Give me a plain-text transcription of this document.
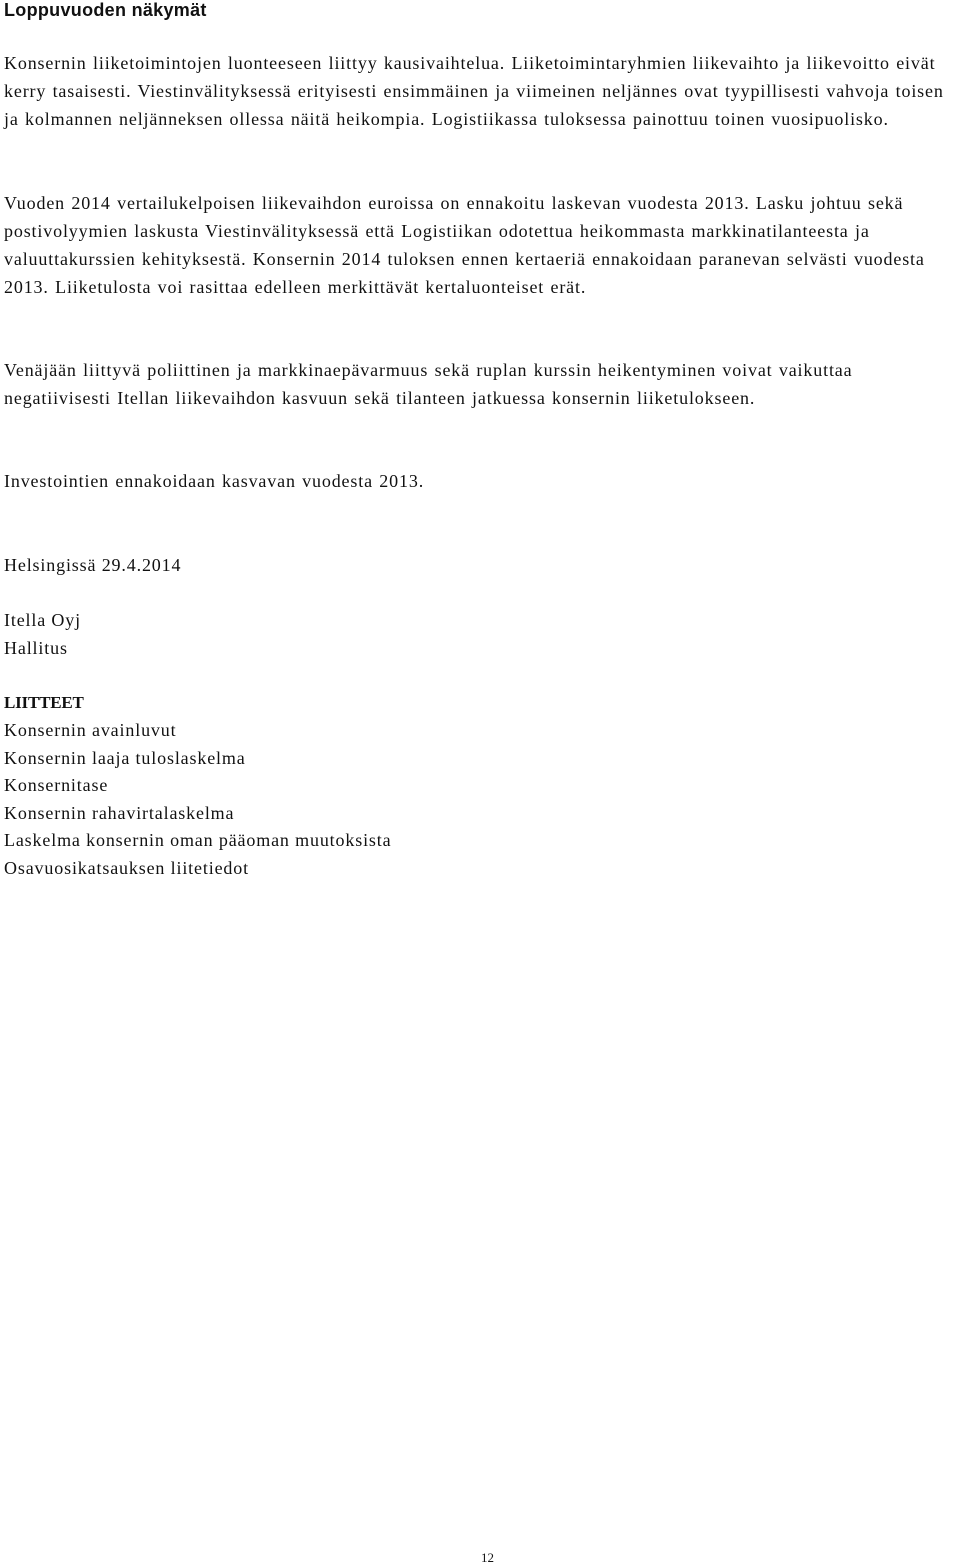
Loppuvuoden näkymät

Konsernin liiketoimintojen luonteeseen liittyy kausivaihtelua. Liiketoimintaryhmien liikevaihto ja liikevoitto eivät kerry tasaisesti. Viestinvälityksessä erityisesti ensimmäinen ja viimeinen neljännes ovat tyypillisesti vahvoja toisen ja kolmannen neljänneksen ollessa näitä heikompia. Logistiikassa tuloksessa painottuu toinen vuosipuolisko.

Vuoden 2014 vertailukelpoisen liikevaihdon euroissa on ennakoitu laskevan vuodesta 2013. Lasku johtuu sekä postivolyymien laskusta Viestinvälityksessä että Logistiikan odotettua heikommasta markkinatilanteesta ja valuuttakurssien kehityksestä. Konsernin 2014 tuloksen ennen kertaeriä ennakoidaan paranevan selvästi vuodesta 2013. Liiketulosta voi rasittaa edelleen merkittävät kertaluonteiset erät.

Venäjään liittyvä poliittinen ja markkinaepävarmuus sekä ruplan kurssin heikentyminen voivat vaikuttaa negatiivisesti Itellan liikevaihdon kasvuun sekä tilanteen jatkuessa konsernin liiketulokseen.

Investointien ennakoidaan kasvavan vuodesta 2013.

Helsingissä 29.4.2014

Itella Oyj

Hallitus

LIITTEET

Konsernin avainluvut
Konsernin laaja tuloslaskelma
Konsernitase
Konsernin rahavirtalaskelma
Laskelma konsernin oman pääoman muutoksista
Osavuosikatsauksen liitetiedot
12
